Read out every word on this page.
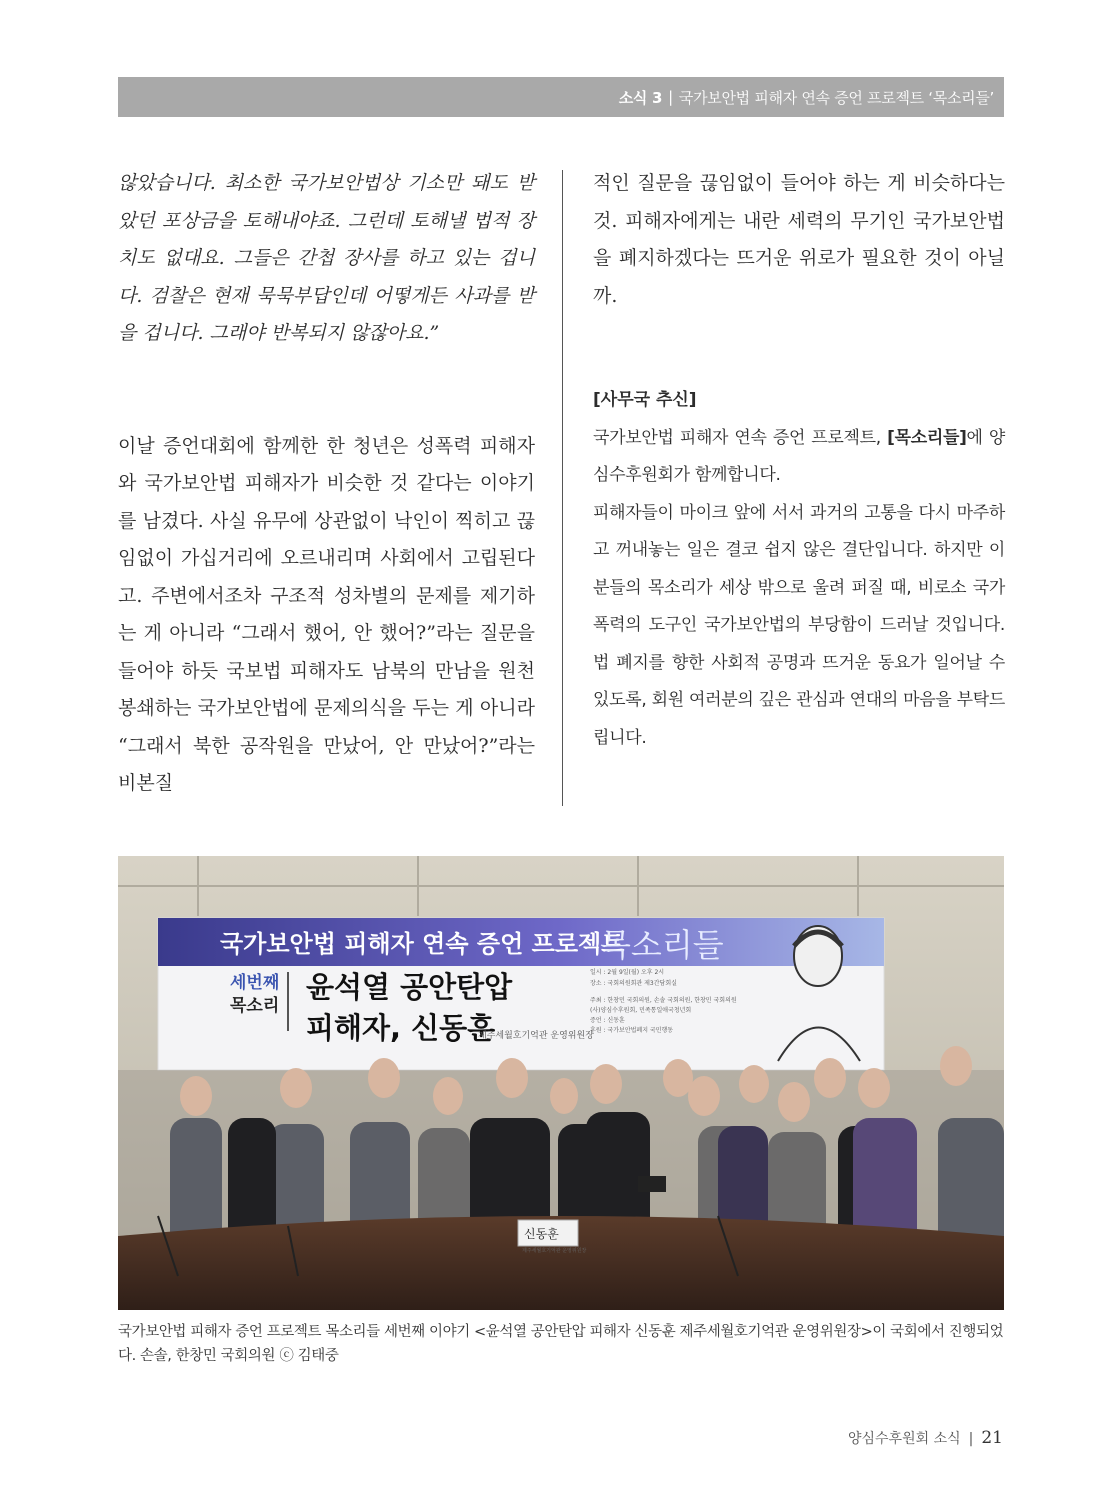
소식 3 | 국가보안법 피해자 연속 증언 프로젝트 ‘목소리들’

않았습니다. 최소한 국가보안법상 기소만 돼도 받았던 포상금을 토해내야죠. 그런데 토해낼 법적 장치도 없대요. 그들은 간첩 장사를 하고 있는 겁니다. 검찰은 현재 묵묵부답인데 어떻게든 사과를 받을 겁니다. 그래야 반복되지 않잖아요.”

이날 증언대회에 함께한 한 청년은 성폭력 피해자와 국가보안법 피해자가 비슷한 것 같다는 이야기를 남겼다. 사실 유무에 상관없이 낙인이 찍히고 끊임없이 가십거리에 오르내리며 사회에서 고립된다고. 주변에서조차 구조적 성차별의 문제를 제기하는 게 아니라 “그래서 했어, 안 했어?”라는 질문을 들어야 하듯 국보법 피해자도 남북의 만남을 원천 봉쇄하는 국가보안법에 문제의식을 두는 게 아니라 “그래서 북한 공작원을 만났어, 안 만났어?”라는 비본질

적인 질문을 끊임없이 들어야 하는 게 비슷하다는 것. 피해자에게는 내란 세력의 무기인 국가보안법을 폐지하겠다는 뜨거운 위로가 필요한 것이 아닐까.

[사무국 추신]

국가보안법 피해자 연속 증언 프로젝트, [목소리들]에 양심수후원회가 함께합니다.

피해자들이 마이크 앞에 서서 과거의 고통을 다시 마주하고 꺼내놓는 일은 결코 쉽지 않은 결단입니다. 하지만 이분들의 목소리가 세상 밖으로 울려 퍼질 때, 비로소 국가폭력의 도구인 국가보안법의 부당함이 드러날 것입니다. 법 폐지를 향한 사회적 공명과 뜨거운 동요가 일어날 수 있도록, 회원 여러분의 깊은 관심과 연대의 마음을 부탁드립니다.

국가보안법 피해자 연속 증언 프로젝트
목소리들
세번째
목소리
윤석열 공안탄압
피해자, 신동훈
제주세월호기억관 운영위원장
일시 : 2월 9일(월) 오후 2시
장소 : 국회의원회관 제3간담회실
주최 : 한창민 국회의원, 손솔 국회의원, 한창민 국회의원
(사)양심수후원회, 민족통일애국청년회
증언 : 신동훈
후원 : 국가보안법폐지 국민행동
신동훈
제주세월호기억관 운영위원장
국가보안법 피해자 증언 프로젝트 목소리들 세번째 이야기 <윤석열 공안탄압 피해자 신동훈 제주세월호기억관 운영위원장>이 국회에서 진행되었다. 손솔, 한창민 국회의원 ⓒ 김태중
양심수후원회 소식 | 21
